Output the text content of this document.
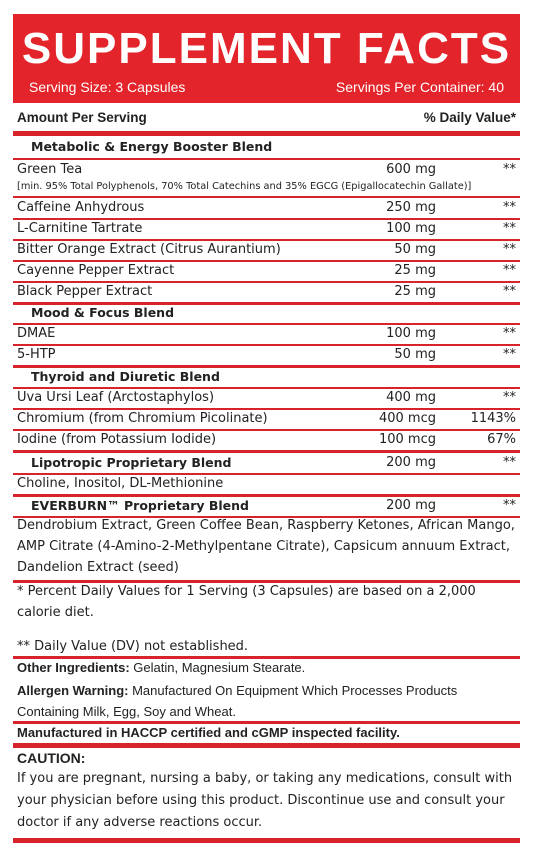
SUPPLEMENT FACTS
Serving Size: 3 Capsules	Servings Per Container: 40
Amount Per Serving	% Daily Value*
Metabolic & Energy Booster Blend
Green Tea	600 mg	**
[min. 95% Total Polyphenols, 70% Total Catechins and 35% EGCG (Epigallocatechin Gallate)]
Caffeine Anhydrous	250 mg	**
L-Carnitine Tartrate	100 mg	**
Bitter Orange Extract (Citrus Aurantium)	50 mg	**
Cayenne Pepper Extract	25 mg	**
Black Pepper Extract	25 mg	**
Mood & Focus Blend
DMAE	100 mg	**
5-HTP	50 mg	**
Thyroid and Diuretic Blend
Uva Ursi Leaf (Arctostaphylos)	400 mg	**
Chromium (from Chromium Picolinate)	400 mcg	1143%
Iodine (from Potassium Iodide)	100 mcg	67%
Lipotropic Proprietary Blend	200 mg	**
Choline, Inositol, DL-Methionine
EVERBURN™ Proprietary Blend	200 mg	**
Dendrobium Extract, Green Coffee Bean, Raspberry Ketones, African Mango, AMP Citrate (4-Amino-2-Methylpentane Citrate), Capsicum annuum Extract, Dandelion Extract (seed)
* Percent Daily Values for 1 Serving (3 Capsules) are based on a 2,000 calorie diet.
** Daily Value (DV) not established.
Other Ingredients: Gelatin, Magnesium Stearate.
Allergen Warning: Manufactured On Equipment Which Processes Products Containing Milk, Egg, Soy and Wheat.
Manufactured in HACCP certified and cGMP inspected facility.
CAUTION:
If you are pregnant, nursing a baby, or taking any medications, consult with your physician before using this product. Discontinue use and consult your doctor if any adverse reactions occur.
